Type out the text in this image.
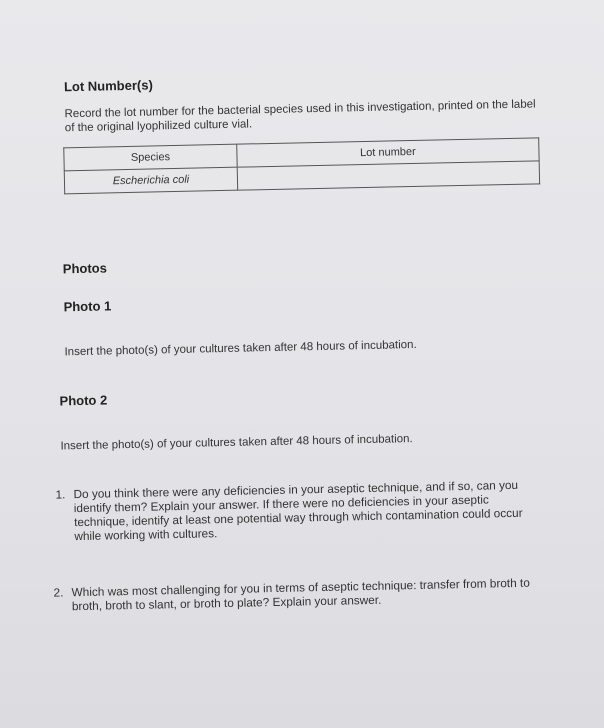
Lot Number(s)
Record the lot number for the bacterial species used in this investigation, printed on the label of the original lyophilized culture vial.
Species	Lot number
Escherichia coli	
Photos
Photo 1
Insert the photo(s) of your cultures taken after 48 hours of incubation.
Photo 2
Insert the photo(s) of your cultures taken after 48 hours of incubation.
1. Do you think there were any deficiencies in your aseptic technique, and if so, can you identify them? Explain your answer. If there were no deficiencies in your aseptic technique, identify at least one potential way through which contamination could occur while working with cultures.
2. Which was most challenging for you in terms of aseptic technique: transfer from broth to broth, broth to slant, or broth to plate? Explain your answer.
